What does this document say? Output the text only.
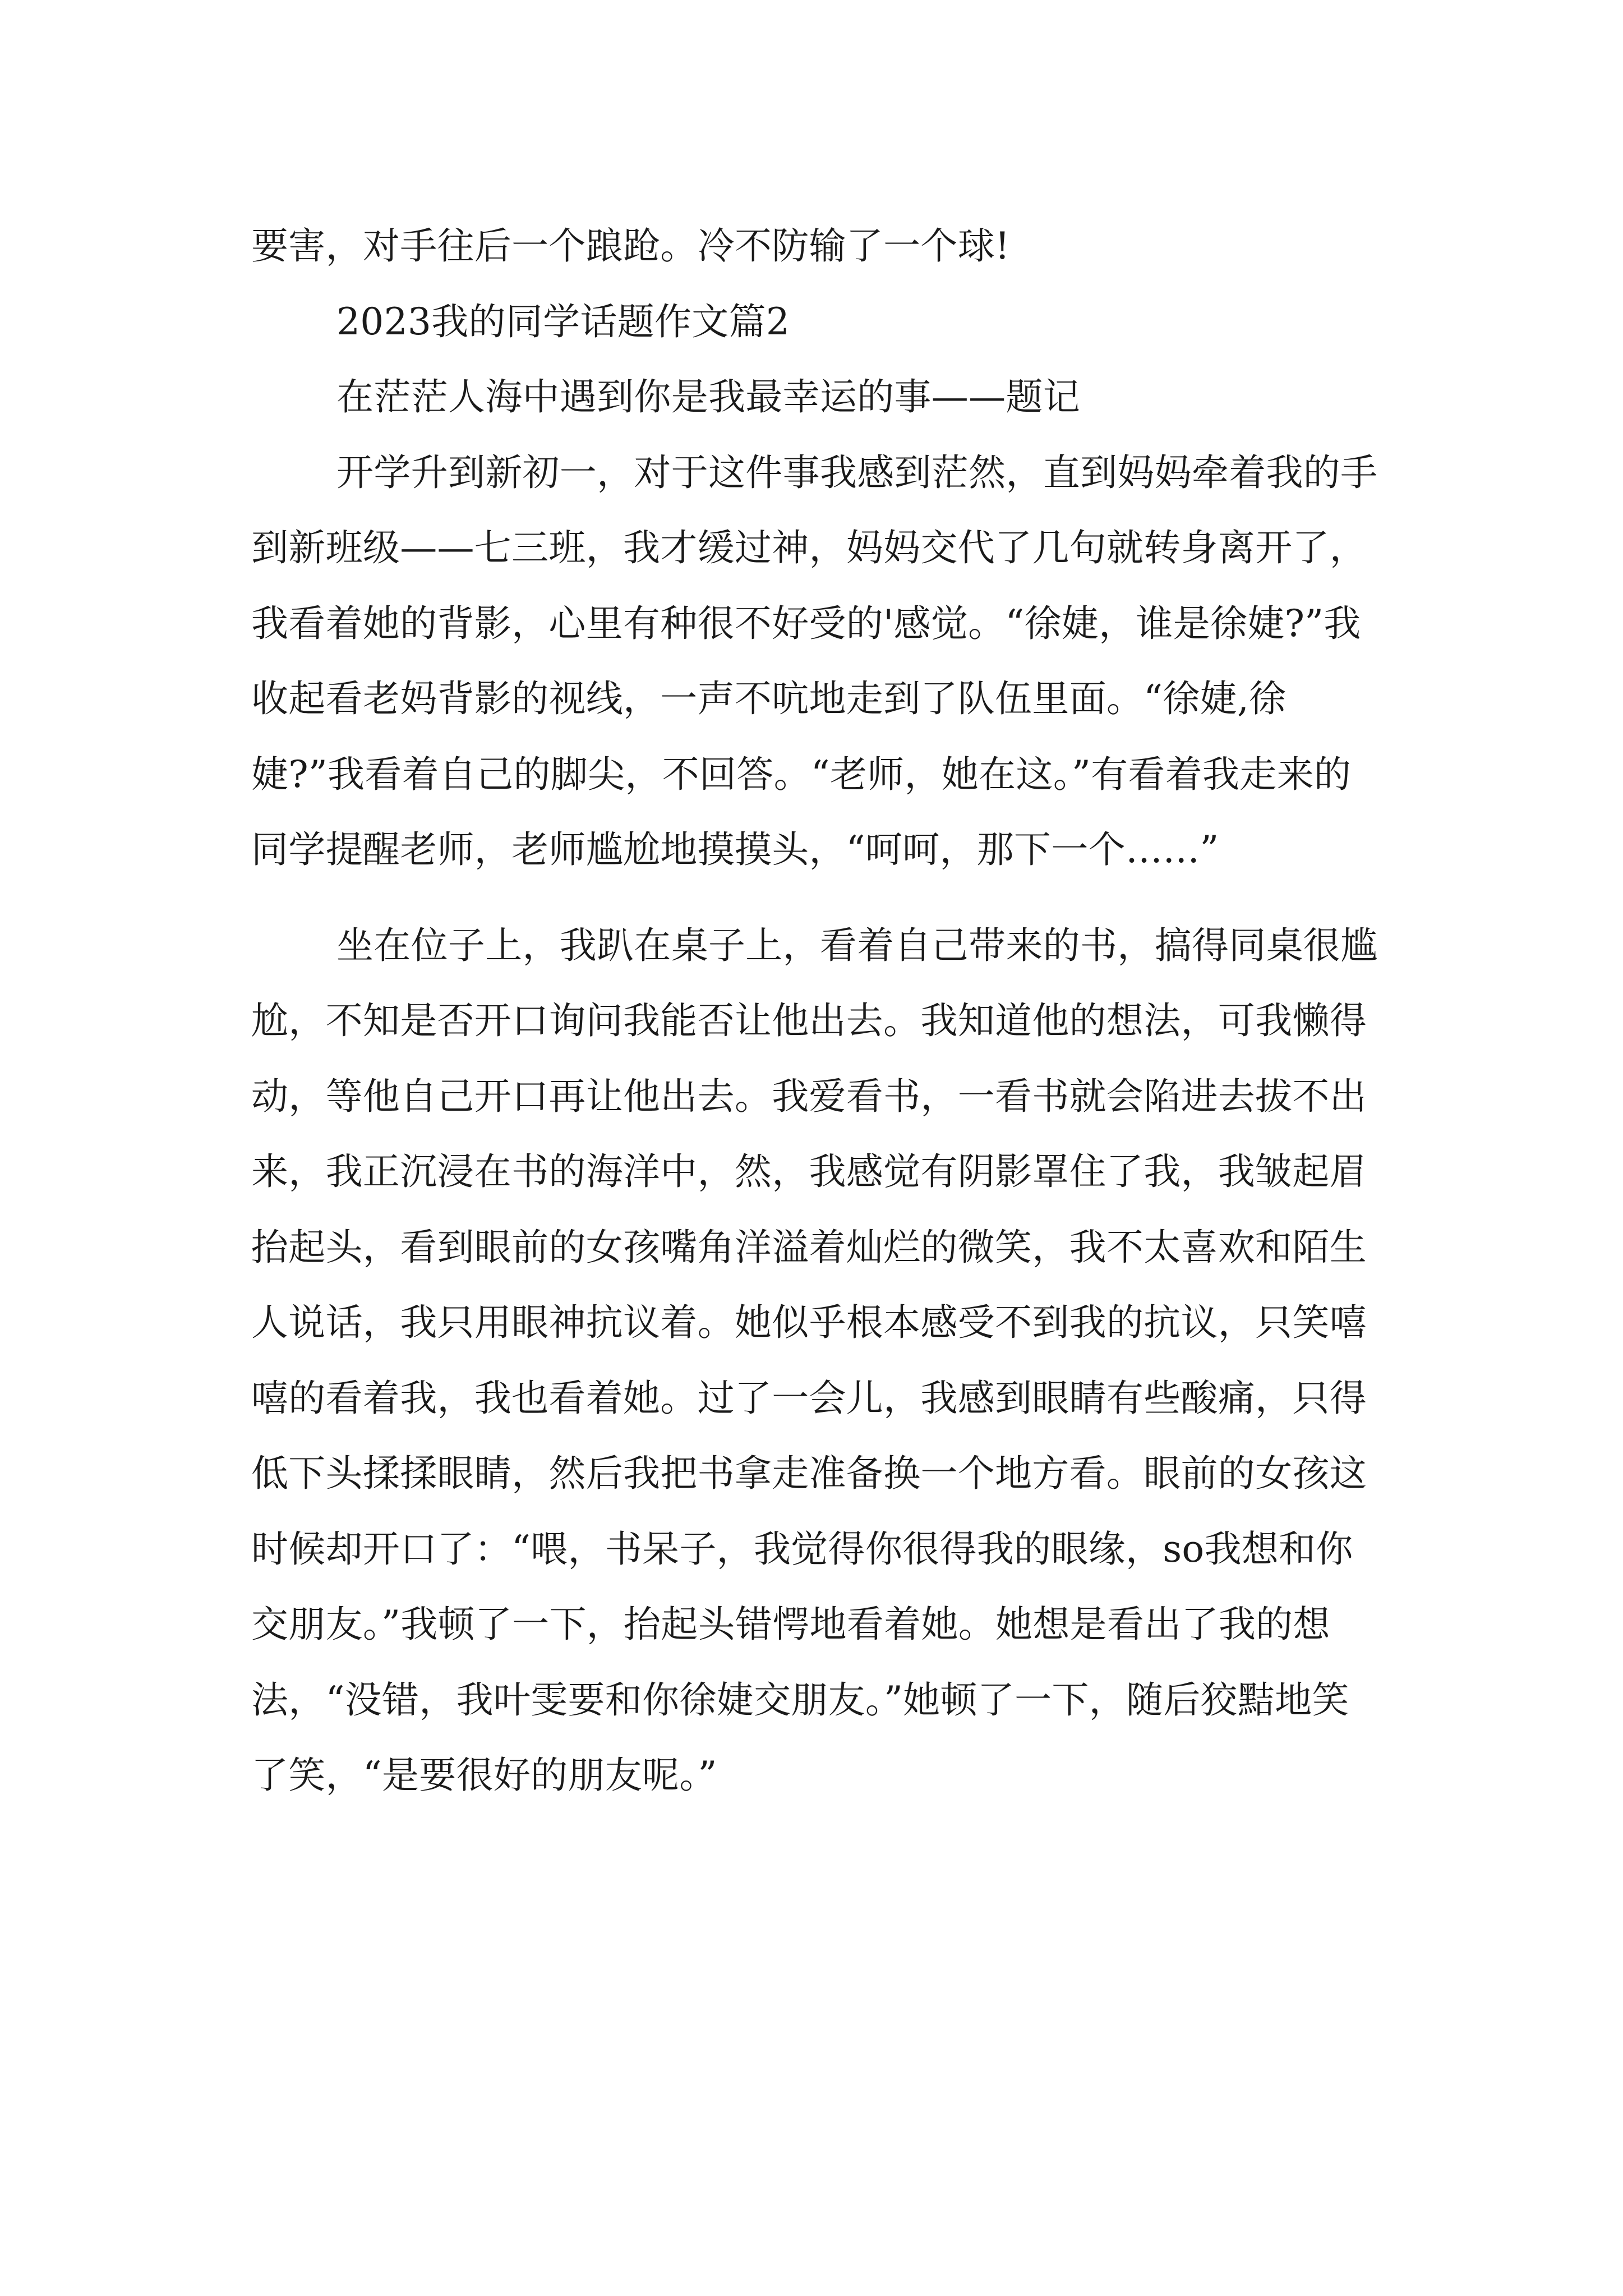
要害，对手往后一个踉跄。冷不防输了一个球!

2023我的同学话题作文篇2

在茫茫人海中遇到你是我最幸运的事——题记

开学升到新初一，对于这件事我感到茫然，直到妈妈牵着我的手到新班级——七三班，我才缓过神，妈妈交代了几句就转身离开了，我看着她的背影，心里有种很不好受的'感觉。“徐婕，谁是徐婕?”我收起看老妈背影的视线，一声不吭地走到了队伍里面。“徐婕,徐婕?”我看着自己的脚尖，不回答。“老师，她在这。”有看着我走来的同学提醒老师，老师尴尬地摸摸头，“呵呵，那下一个……”

坐在位子上，我趴在桌子上，看着自己带来的书，搞得同桌很尴尬，不知是否开口询问我能否让他出去。我知道他的想法，可我懒得动，等他自己开口再让他出去。我爱看书，一看书就会陷进去拔不出来，我正沉浸在书的海洋中，然，我感觉有阴影罩住了我，我皱起眉抬起头，看到眼前的女孩嘴角洋溢着灿烂的微笑，我不太喜欢和陌生人说话，我只用眼神抗议着。她似乎根本感受不到我的抗议，只笑嘻嘻的看着我，我也看着她。过了一会儿，我感到眼睛有些酸痛，只得低下头揉揉眼睛，然后我把书拿走准备换一个地方看。眼前的女孩这时候却开口了：“喂，书呆子，我觉得你很得我的眼缘，so我想和你交朋友。”我顿了一下，抬起头错愕地看着她。她想是看出了我的想法，“没错，我叶雯要和你徐婕交朋友。”她顿了一下，随后狡黠地笑了笑，“是要很好的朋友呢。”
